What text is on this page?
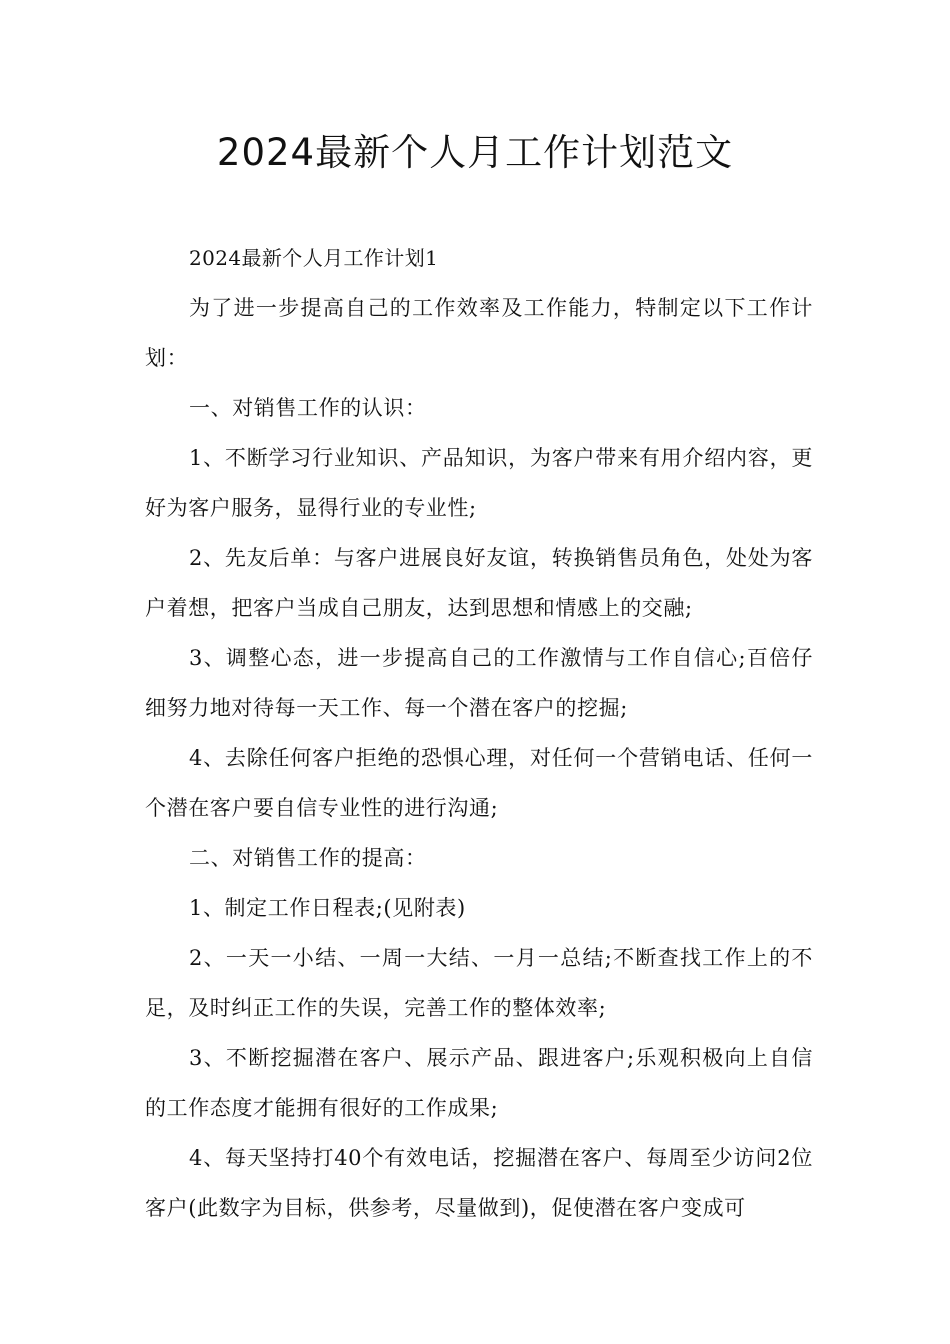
2024最新个人月工作计划范文

2024最新个人月工作计划1

为了进一步提高自己的工作效率及工作能力，特制定以下工作计划：

一、对销售工作的认识：

1、不断学习行业知识、产品知识，为客户带来有用介绍内容，更好为客户服务，显得行业的专业性;

2、先友后单：与客户进展良好友谊，转换销售员角色，处处为客户着想，把客户当成自己朋友，达到思想和情感上的交融;

3、调整心态，进一步提高自己的工作激情与工作自信心;百倍仔细努力地对待每一天工作、每一个潜在客户的挖掘;

4、去除任何客户拒绝的恐惧心理，对任何一个营销电话、任何一个潜在客户要自信专业性的进行沟通;

二、对销售工作的提高：

1、制定工作日程表;(见附表)

2、一天一小结、一周一大结、一月一总结;不断查找工作上的不足，及时纠正工作的失误，完善工作的整体效率;

3、不断挖掘潜在客户、展示产品、跟进客户;乐观积极向上自信的工作态度才能拥有很好的工作成果;

4、每天坚持打40个有效电话，挖掘潜在客户、每周至少访问2位客户(此数字为目标，供参考，尽量做到)，促使潜在客户变成可
